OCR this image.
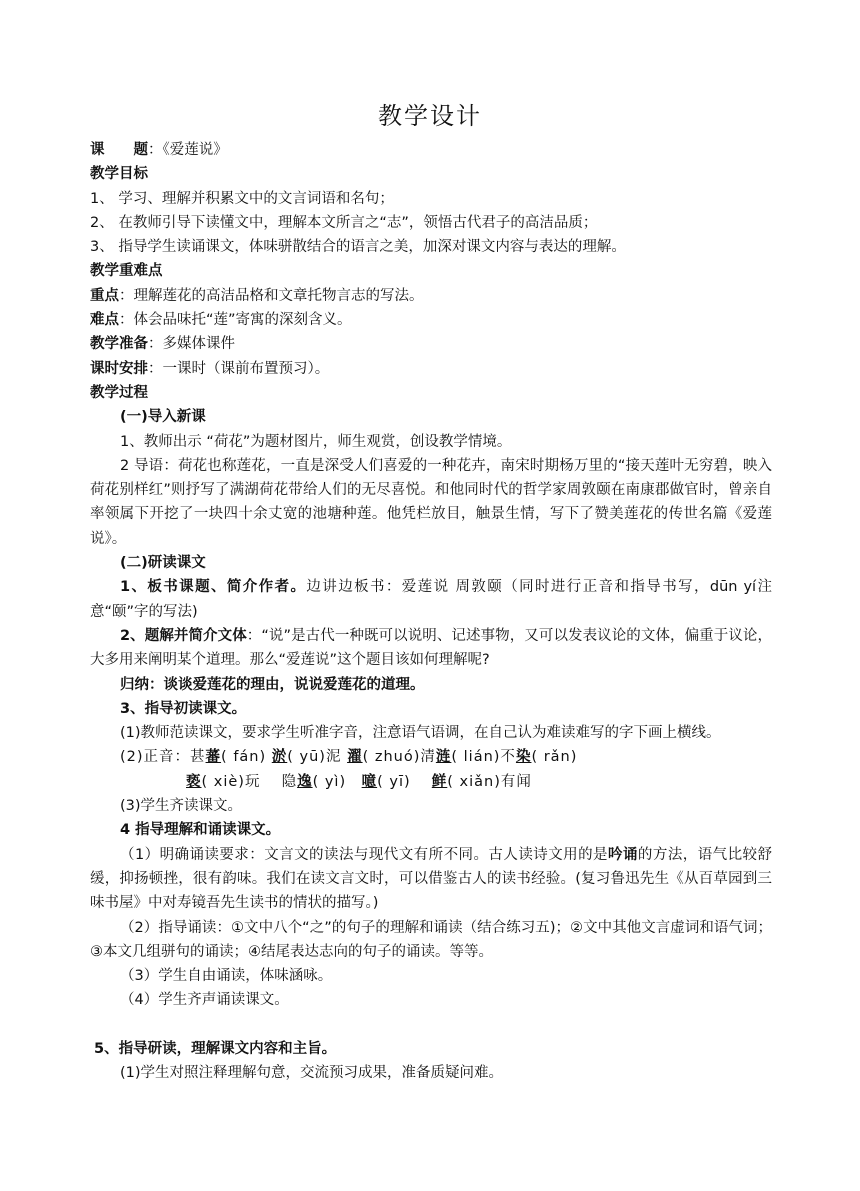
教学设计

课　　题：《爱莲说》

教学目标

1、 学习、理解并积累文中的文言词语和名句；

2、 在教师引导下读懂文中，理解本文所言之“志”，领悟古代君子的高洁品质；

3、 指导学生读诵课文，体味骈散结合的语言之美，加深对课文内容与表达的理解。

教学重难点

重点：理解莲花的高洁品格和文章托物言志的写法。

难点：体会品味托“莲”寄寓的深刻含义。

教学准备：多媒体课件

课时安排：一课时（课前布置预习）。

教学过程

(一)导入新课

1、教师出示 “荷花”为题材图片，师生观赏，创设教学情境。

2 导语：荷花也称莲花，一直是深受人们喜爱的一种花卉，南宋时期杨万里的“接天莲叶无穷碧，映入荷花别样红”则抒写了满湖荷花带给人们的无尽喜悦。和他同时代的哲学家周敦颐在南康郡做官时，曾亲自率领属下开挖了一块四十余丈宽的池塘种莲。他凭栏放目，触景生情，写下了赞美莲花的传世名篇《爱莲说》。

(二)研读课文

1、板书课题、简介作者。边讲边板书：爱莲说 周敦颐（同时进行正音和指导书写，dūn yí注意“颐”字的写法)

2、题解并简介文体：“说”是古代一种既可以说明、记述事物，又可以发表议论的文体，偏重于议论，大多用来阐明某个道理。那么“爱莲说”这个题目该如何理解呢?

归纳：谈谈爱莲花的理由，说说爱莲花的道理。

3、指导初读课文。

(1)教师范读课文，要求学生听准字音，注意语气语调，在自己认为难读难写的字下画上横线。

(2)正音：甚蕃( fán) 淤( yū)泥 濯( zhuó)清涟( lián)不染( rǎn)

亵( xiè)玩　 隐逸( yì)　噫( yī)　 鲜( xiǎn)有闻

(3)学生齐读课文。

4 指导理解和诵读课文。

（1）明确诵读要求：文言文的读法与现代文有所不同。古人读诗文用的是吟诵的方法，语气比较舒缓，抑扬顿挫，很有韵味。我们在读文言文时，可以借鉴古人的读书经验。(复习鲁迅先生《从百草园到三味书屋》中对寿镜吾先生读书的情状的描写。)

（2）指导诵读：①文中八个“之”的句子的理解和诵读（结合练习五)；②文中其他文言虚词和语气词；③本文几组骈句的诵读；④结尾表达志向的句子的诵读。等等。

（3）学生自由诵读，体味涵咏。

（4）学生齐声诵读课文。

5、指导研读，理解课文内容和主旨。

(1)学生对照注释理解句意，交流预习成果，准备质疑问难。
